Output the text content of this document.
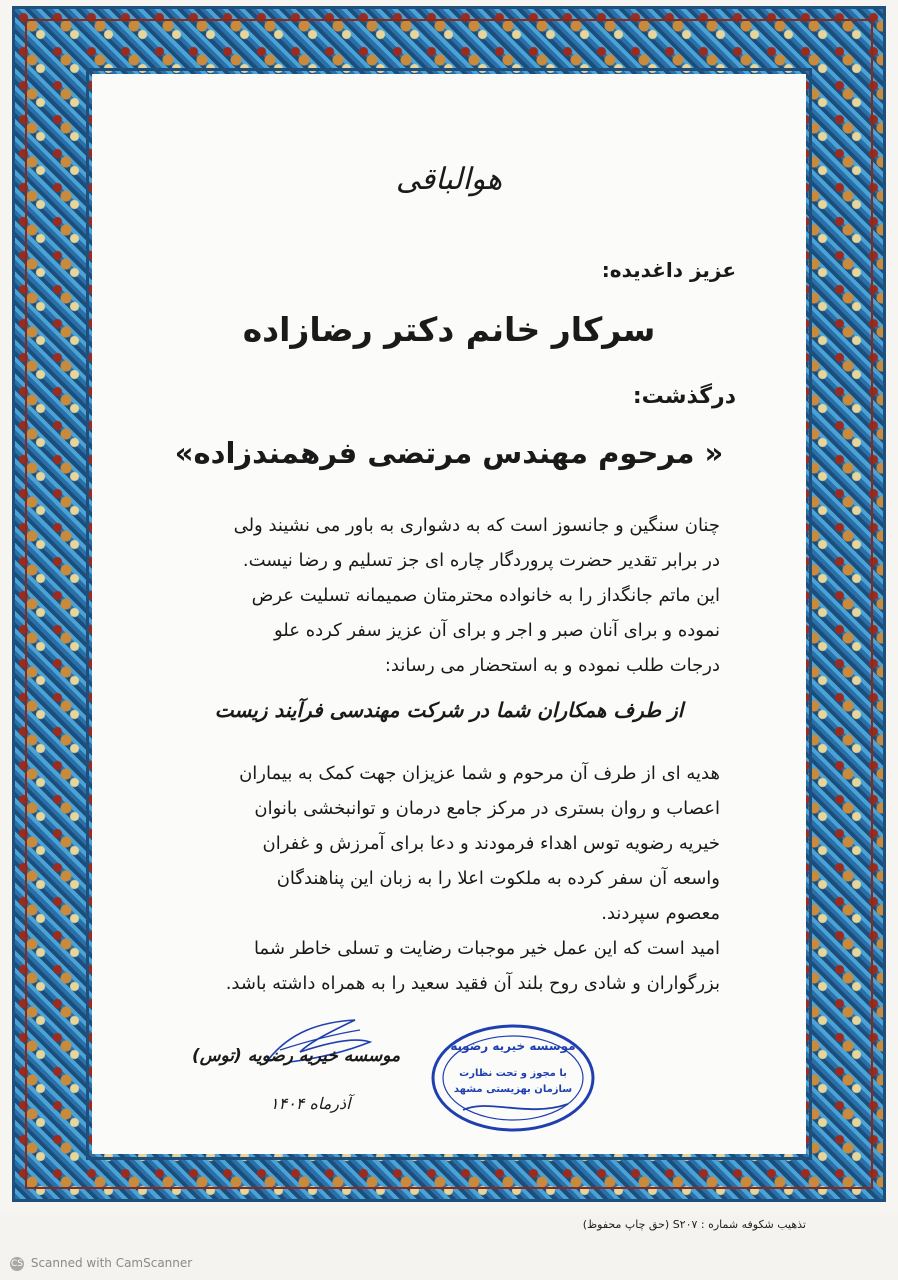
هوالباقی
عزیز داغدیده:
سرکار خانم دکتر رضازاده
درگذشت:
« مرحوم مهندس مرتضی فرهمندزاده»
چنان سنگین و جانسوز است که به دشواری به باور می نشیند ولی
در برابر تقدیر حضرت پروردگار چاره ای جز تسلیم و رضا نیست.
این ماتم جانگداز را به خانواده محترمتان صمیمانه تسلیت عرض
نموده و برای آنان صبر و اجر و برای آن عزیز سفر کرده علو
درجات طلب نموده و به استحضار می رساند:
از طرف همکاران شما در شرکت مهندسی فرآیند زیست
هدیه ای از طرف آن مرحوم و شما عزیزان جهت کمک به بیماران
اعصاب و روان بستری در مرکز جامع درمان و توانبخشی بانوان
خیریه رضویه توس اهداء فرمودند و دعا برای آمرزش و غفران
واسعه آن سفر کرده به ملکوت اعلا را به زبان این پناهندگان
معصوم سپردند.
امید است که این عمل خیر موجبات رضایت و تسلی خاطر شما
بزرگواران و شادی روح بلند آن فقید سعید را به همراه داشته باشد.
موسسه خیریه رضویه (توس)
آذرماه ۱۴۰۴
موسسه خیریه رضویه
با مجوز و تحت نظارت
سازمان بهزیستی مشهد
تذهیب شکوفه شماره : S۲۰۷ (حق چاپ محفوظ)
CS Scanned with CamScanner
